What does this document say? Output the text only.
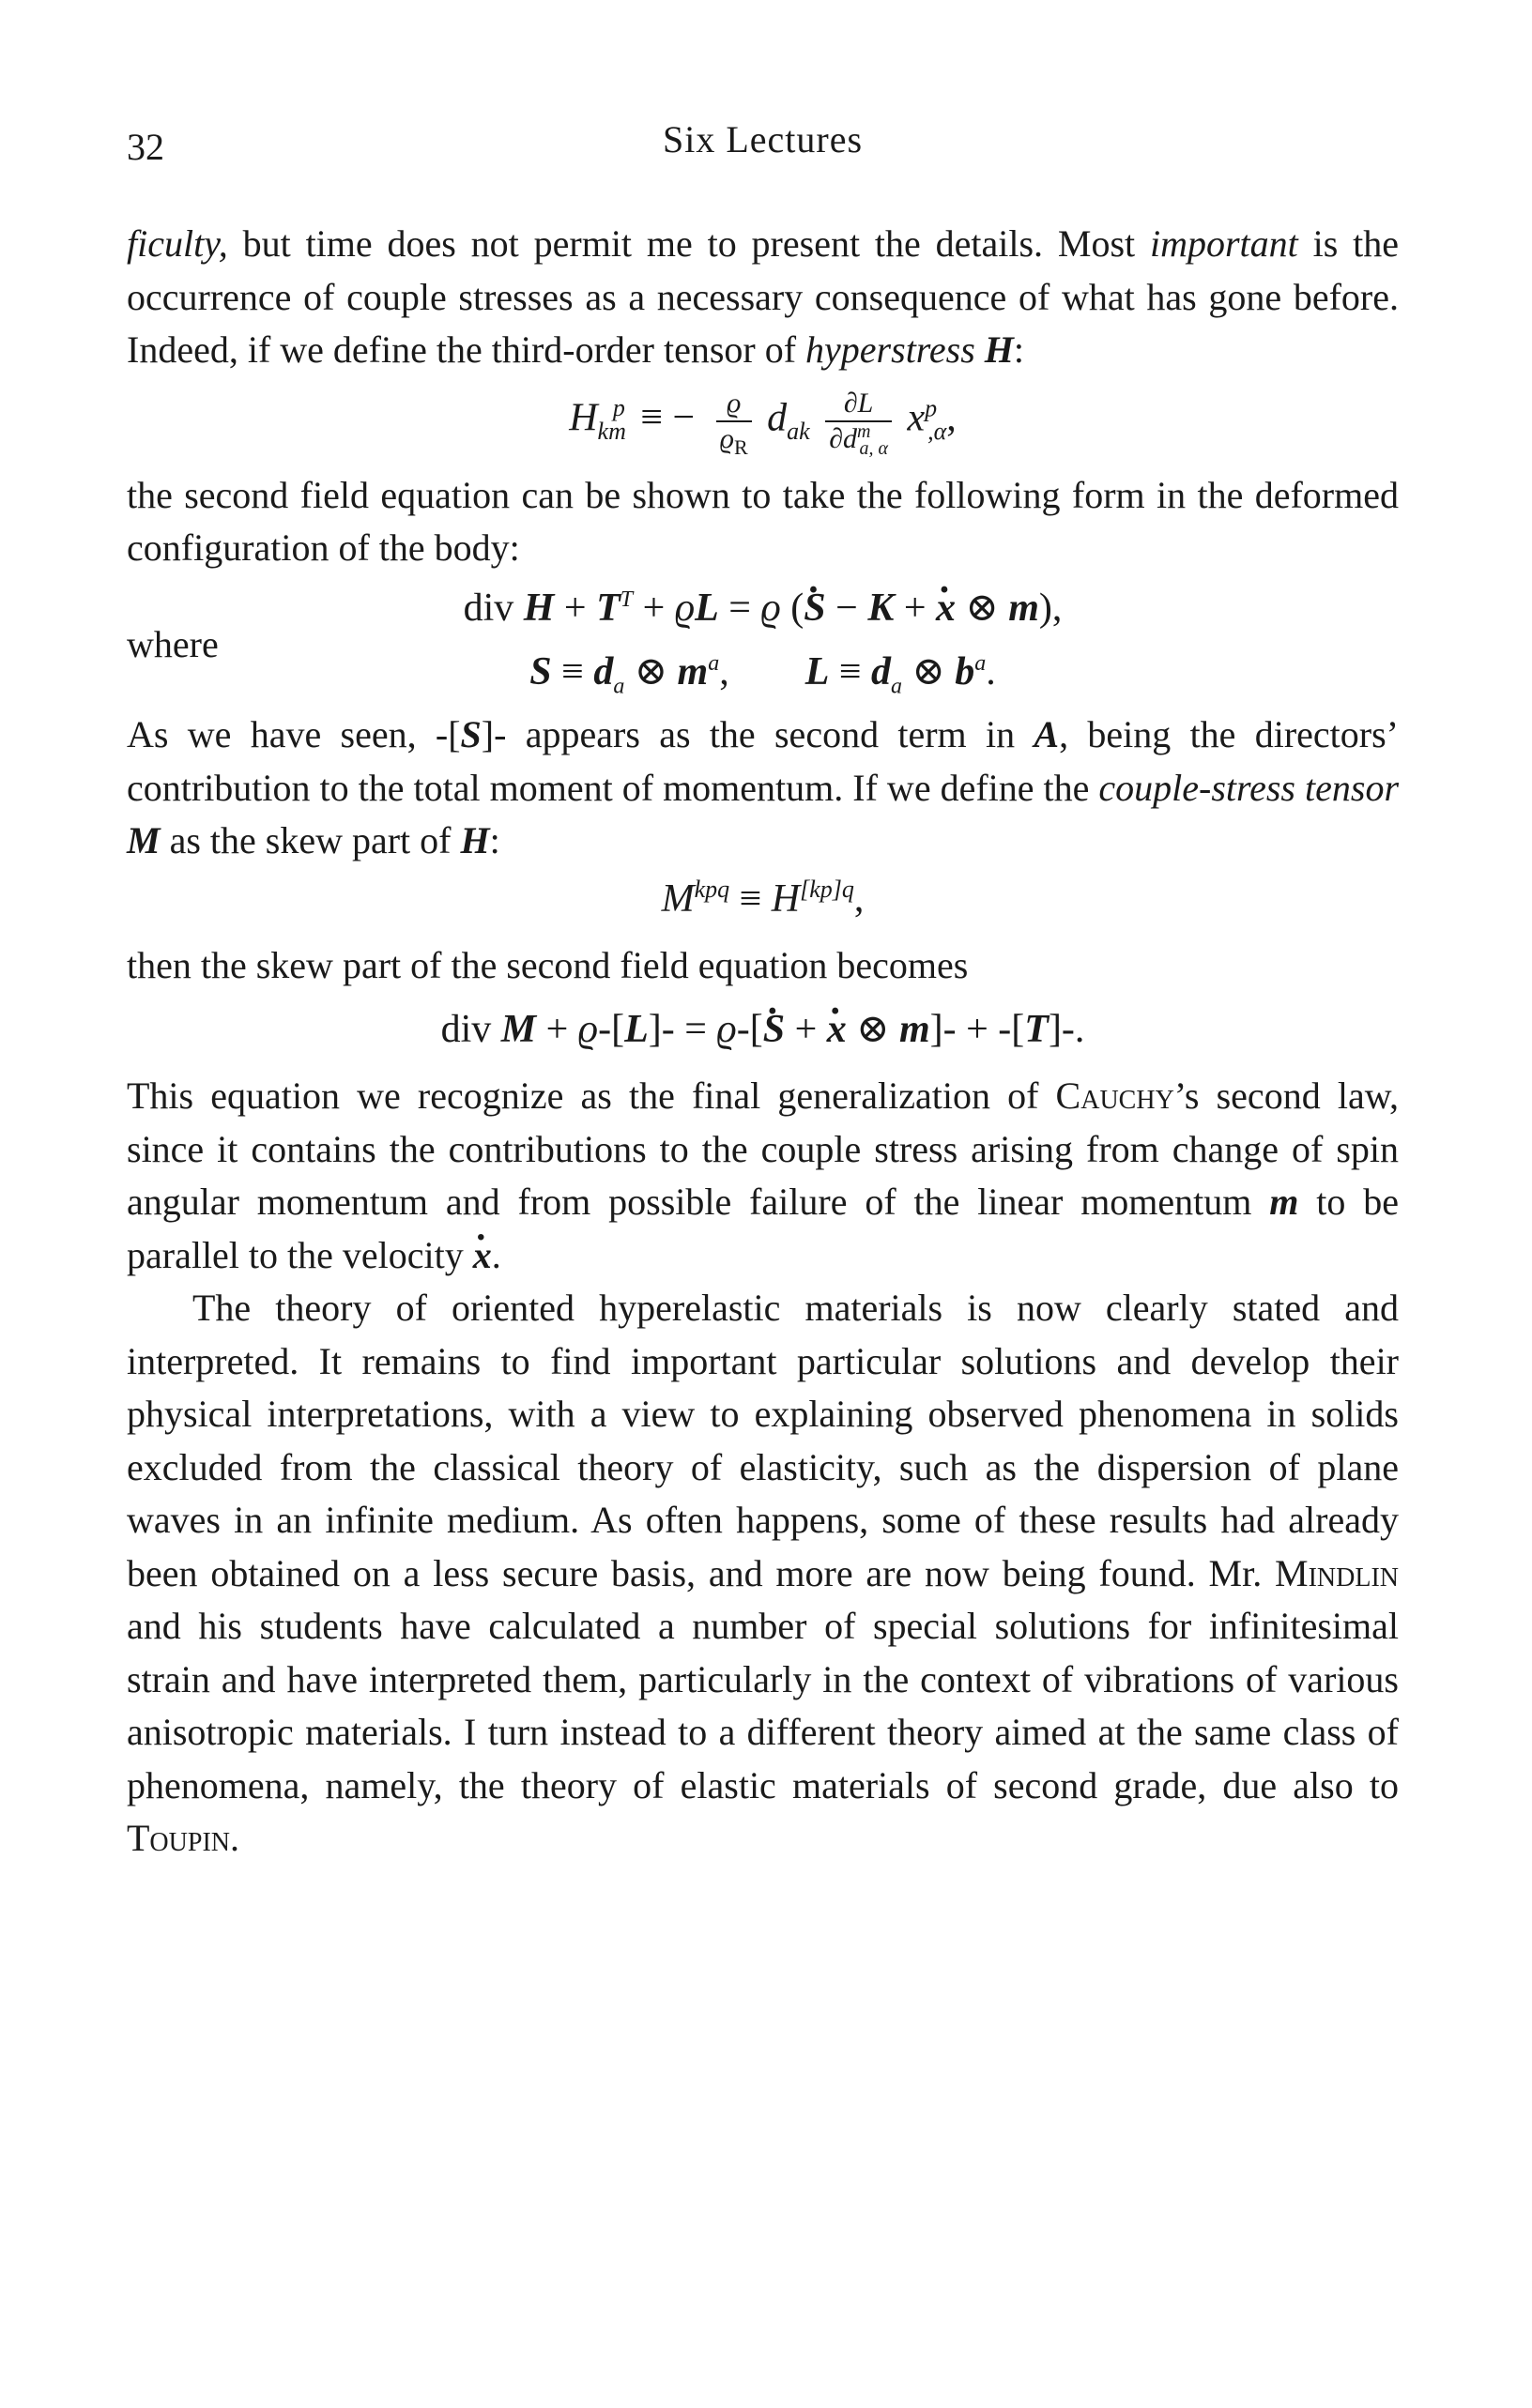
32	Six Lectures

ficulty, but time does not permit me to present the details. Most important is the occurrence of couple stresses as a necessary consequence of what has gone before. Indeed, if we define the third-order tensor of hyperstress H:

$H_{km}^p$ ≡ − $\frac{ϱ}{ϱ_R} d_{ak} \frac{\partial L}{\partial d^m_{a, \alpha}} x^p_{,\alpha}$,

the second field equation can be shown to take the following form in the deformed configuration of the body:

where
div $H + T^T + ϱL = ϱ$ (S . − K + x . ⊗ m),
$S \equiv d_a$ ⊗ $m^a$,  $L \equiv d_a$ ⊗ $b^a$.

As we have seen, -[S]- appears as the second term in A, being the directors’ contribution to the total moment of momentum. If we define the couple-stress tensor M as the skew part of H:

$M^{kpq} \equiv H^{[kp]q}$,

then the skew part of the second field equation becomes

div M + ϱ-[L]- = ϱ-[S . + x . ⊗ m]- + -[T]-.

This equation we recognize as the final generalization of Cauchy’s second law, since it contains the contributions to the couple stress arising from change of spin angular momentum and from possible failure of the linear momentum m to be parallel to the velocity x ..

The theory of oriented hyperelastic materials is now clearly stated and interpreted. It remains to find important particular solutions and develop their physical interpretations, with a view to explaining observed phenomena in solids excluded from the classical theory of elasticity, such as the dispersion of plane waves in an infinite medium. As often happens, some of these results had already been obtained on a less secure basis, and more are now being found. Mr. Mindlin and his students have calculated a number of special solutions for infinitesimal strain and have interpreted them, particularly in the context of vibrations of various anisotropic materials. I turn instead to a different theory aimed at the same class of phenomena, namely, the theory of elastic materials of second grade, due also to Toupin.
